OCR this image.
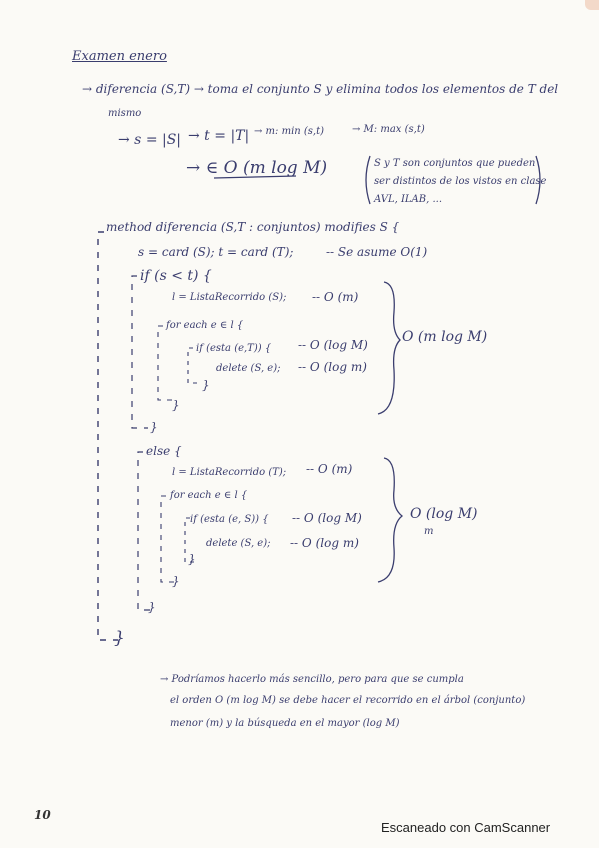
Examen enero
→ diferencia (S,T) → toma el conjunto S y elimina todos los elementos de T del
mismo
→ s = |S| → t = |T| → m: min (s,t)	→ M: max (s,t)
→ ∈ O (m log M)	S y T son conjuntos que pueden
ser distintos de los vistos en clase
AVL, ILAB, ...
method diferencia (S,T : conjuntos) modifies S {
s = card (S); t = card (T);	-- Se asume O(1)
if (s < t) {
l = ListaRecorrido (S); -- O (m)
for each e ∈ l {
if (esta (e,T)) { -- O (log M)
delete (S, e); -- O (log m)
}
}
}
O (m log M)
else {
l = ListaRecorrido (T); -- O (m)
for each e ∈ l {
if (esta (e, S)) { -- O (log M)
delete (S, e); -- O (log m)
}
}
}
}
O (log M)
m
→ Podríamos hacerlo más sencillo, pero para que se cumpla
el orden O (m log M) se debe hacer el recorrido en el árbol (conjunto)
menor (m) y la búsqueda en el mayor (log M)
10
Escaneado con CamScanner
